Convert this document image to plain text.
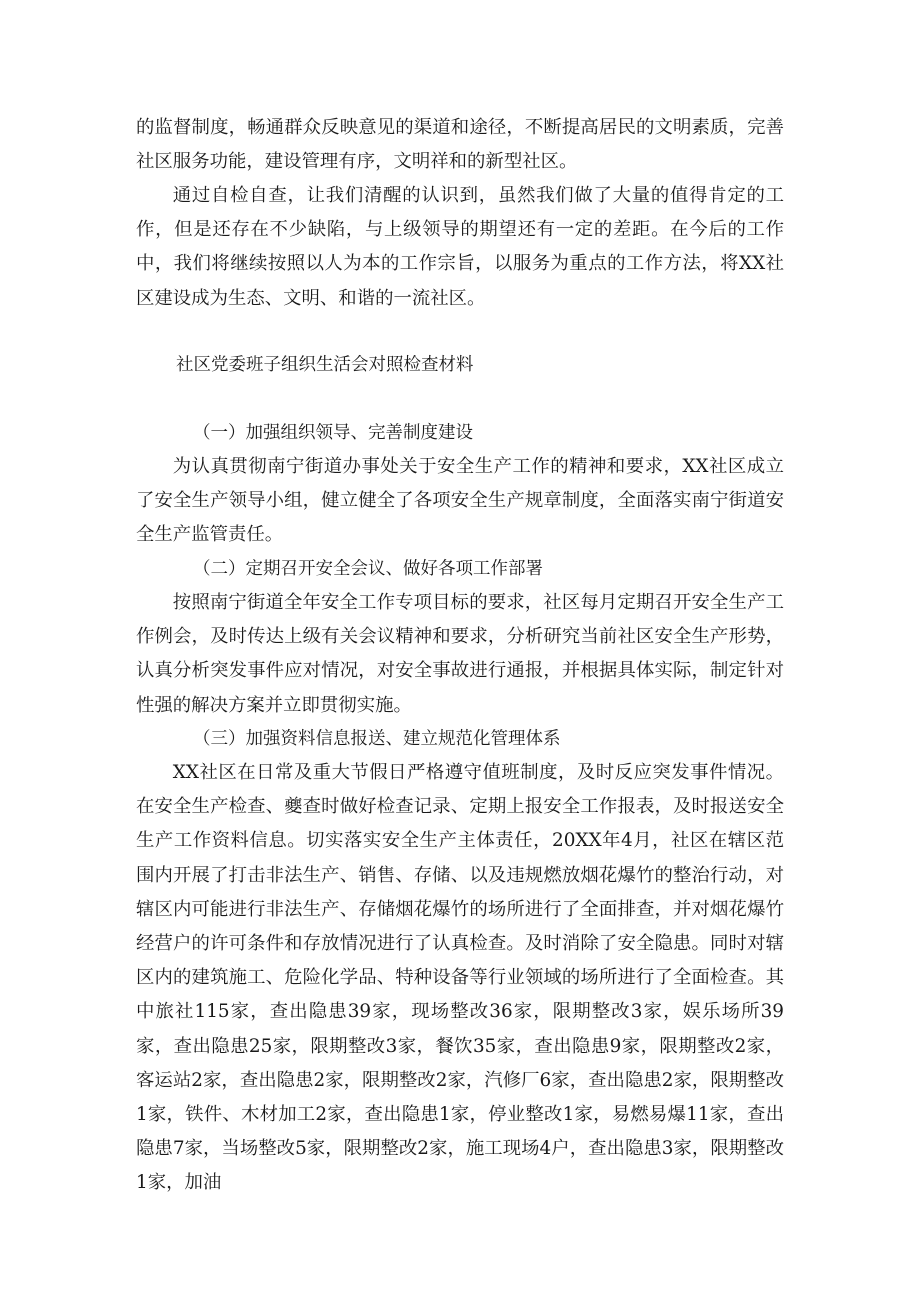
的监督制度，畅通群众反映意见的渠道和途径，不断提高居民的文明素质，完善社区服务功能，建设管理有序，文明祥和的新型社区。

通过自检自查，让我们清醒的认识到，虽然我们做了大量的值得肯定的工作，但是还存在不少缺陷，与上级领导的期望还有一定的差距。在今后的工作中，我们将继续按照以人为本的工作宗旨，以服务为重点的工作方法，将XX社区建设成为生态、文明、和谐的一流社区。

社区党委班子组织生活会对照检查材料
（一）加强组织领导、完善制度建设

为认真贯彻南宁街道办事处关于安全生产工作的精神和要求，XX社区成立了安全生产领导小组，健立健全了各项安全生产规章制度，全面落实南宁街道安全生产监管责任。

（二）定期召开安全会议、做好各项工作部署

按照南宁街道全年安全工作专项目标的要求，社区每月定期召开安全生产工作例会，及时传达上级有关会议精神和要求，分析研究当前社区安全生产形势，认真分析突发事件应对情况，对安全事故进行通报，并根据具体实际，制定针对性强的解决方案并立即贯彻实施。

（三）加强资料信息报送、建立规范化管理体系

XX社区在日常及重大节假日严格遵守值班制度，及时反应突发事件情况。在安全生产检查、夔查时做好检查记录、定期上报安全工作报表，及时报送安全生产工作资料信息。切实落实安全生产主体责任，20XX年4月，社区在辖区范围内开展了打击非法生产、销售、存储、以及违规燃放烟花爆竹的整治行动，对辖区内可能进行非法生产、存储烟花爆竹的场所进行了全面排查，并对烟花爆竹经营户的许可条件和存放情况进行了认真检查。及时消除了安全隐患。同时对辖区内的建筑施工、危险化学品、特种设备等行业领域的场所进行了全面检查。其中旅社115家，查出隐患39家，现场整改36家，限期整改3家，娱乐场所39家，查出隐患25家，限期整改3家，餐饮35家，查出隐患9家，限期整改2家，客运站2家，查出隐患2家，限期整改2家，汽修厂6家，查出隐患2家，限期整改1家，铁件、木材加工2家，查出隐患1家，停业整改1家，易燃易爆11家，查出隐患7家，当场整改5家，限期整改2家，施工现场4户，查出隐患3家，限期整改1家，加油
